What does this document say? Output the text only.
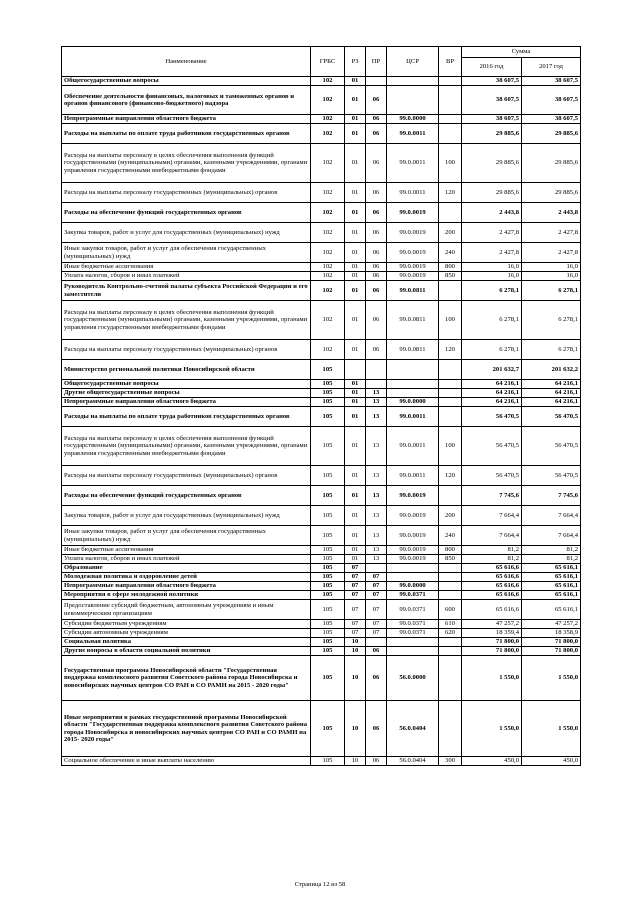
Наименование	ГРБС	РЗ	ПР	ЦСР	ВР	Сумма	
						2016 год	2017 год
Общегосударственные вопросы	102	01				38 607,5	38 607,5
Обеспечение деятельности финансовых, налоговых и таможенных органов и органов финансового (финансово-бюджетного) надзора	102	01	06			38 607,5	38 607,5
Непрограммные направления областного бюджета	102	01	06	99.0.0000		38 607,5	38 607,5
Расходы на выплаты по оплате труда работников государственных органов	102	01	06	99.0.0011		29 885,6	29 885,6
Расходы на выплаты персоналу в целях обеспечения выполнения функций государственными (муниципальными) органами, казенными учреждениями, органами управления государственными внебюджетными фондами	102	01	06	99.0.0011	100	29 885,6	29 885,6
Расходы на выплаты персоналу государственных (муниципальных) органов	102	01	06	99.0.0011	120	29 885,6	29 885,6
Расходы на обеспечение функций государственных органов	102	01	06	99.0.0019		2 443,8	2 443,8
Закупка товаров, работ и услуг для государственных (муниципальных) нужд	102	01	06	99.0.0019	200	2 427,8	2 427,8
Иные закупки товаров, работ и услуг для обеспечения государственных (муниципальных) нужд	102	01	06	99.0.0019	240	2 427,8	2 427,8
Иные бюджетные ассигнования	102	01	06	99.0.0019	800	16,0	16,0
Уплата налогов, сборов и иных платежей	102	01	06	99.0.0019	850	16,0	16,0
Руководитель Контрольно-счетной палаты субъекта Российской Федерации и его заместители	102	01	06	99.0.0811		6 278,1	6 278,1
Расходы на выплаты персоналу в целях обеспечения выполнения функций государственными (муниципальными) органами, казенными учреждениями, органами управления государственными внебюджетными фондами	102	01	06	99.0.0811	100	6 278,1	6 278,1
Расходы на выплаты персоналу государственных (муниципальных) органов	102	01	06	99.0.0811	120	6 278,1	6 278,1
Министерство региональной политики Новосибирской области	105					201 632,7	201 632,2
Общегосударственные вопросы	105	01				64 216,1	64 216,1
Другие общегосударственные вопросы	105	01	13			64 216,1	64 216,1
Непрограммные направления областного бюджета	105	01	13	99.0.0000		64 216,1	64 216,1
Расходы на выплаты по оплате труда работников государственных органов	105	01	13	99.0.0011		56 470,5	56 470,5
Расходы на выплаты персоналу в целях обеспечения выполнения функций государственными (муниципальными) органами, казенными учреждениями, органами управления государственными внебюджетными фондами	105	01	13	99.0.0011	100	56 470,5	56 470,5
Расходы на выплаты персоналу государственных (муниципальных) органов	105	01	13	99.0.0011	120	56 470,5	56 470,5
Расходы на обеспечение функций государственных органов	105	01	13	99.0.0019		7 745,6	7 745,6
Закупка товаров, работ и услуг для государственных (муниципальных) нужд	105	01	13	99.0.0019	200	7 664,4	7 664,4
Иные закупки товаров, работ и услуг для обеспечения государственных (муниципальных) нужд	105	01	13	99.0.0019	240	7 664,4	7 664,4
Иные бюджетные ассигнования	105	01	13	99.0.0019	800	81,2	81,2
Уплата налогов, сборов и иных платежей	105	01	13	99.0.0019	850	81,2	81,2
Образование	105	07				65 616,6	65 616,1
Молодежная политика и оздоровление детей	105	07	07			65 616,6	65 616,1
Непрограммные направления областного бюджета	105	07	07	99.0.0000		65 616,6	65 616,1
Мероприятия в сфере молодежной политики	105	07	07	99.0.0371		65 616,6	65 616,1
Предоставление субсидий бюджетным, автономным учреждениям и иным некоммерческим организациям	105	07	07	99.0.0371	600	65 616,6	65 616,1
Субсидии бюджетным учреждениям	105	07	07	99.0.0371	610	47 257,2	47 257,2
Субсидии автономным учреждениям	105	07	07	99.0.0371	620	18 359,4	18 358,9
Социальная политика	105	10				71 800,0	71 800,0
Другие вопросы в области социальной политики	105	10	06			71 800,0	71 800,0
Государственная программа Новосибирской области "Государственная поддержка комплексного развития Советского района города Новосибирска и новосибирских научных центров СО РАН и СО РАМН на 2015 - 2020 годы"	105	10	06	56.0.0000		1 550,0	1 550,0
Иные мероприятия в рамках государственной программы Новосибирской области "Государственная поддержка комплексного развития Советского района города Новосибирска и новосибирских научных центров СО РАН и СО РАМН на 2015- 2020 годы"	105	10	06	56.0.0404		1 550,0	1 550,0
Социальное обеспечение и иные выплаты населению	105	10	06	56.0.0404	300	450,0	450,0
Страница 12 из 58
